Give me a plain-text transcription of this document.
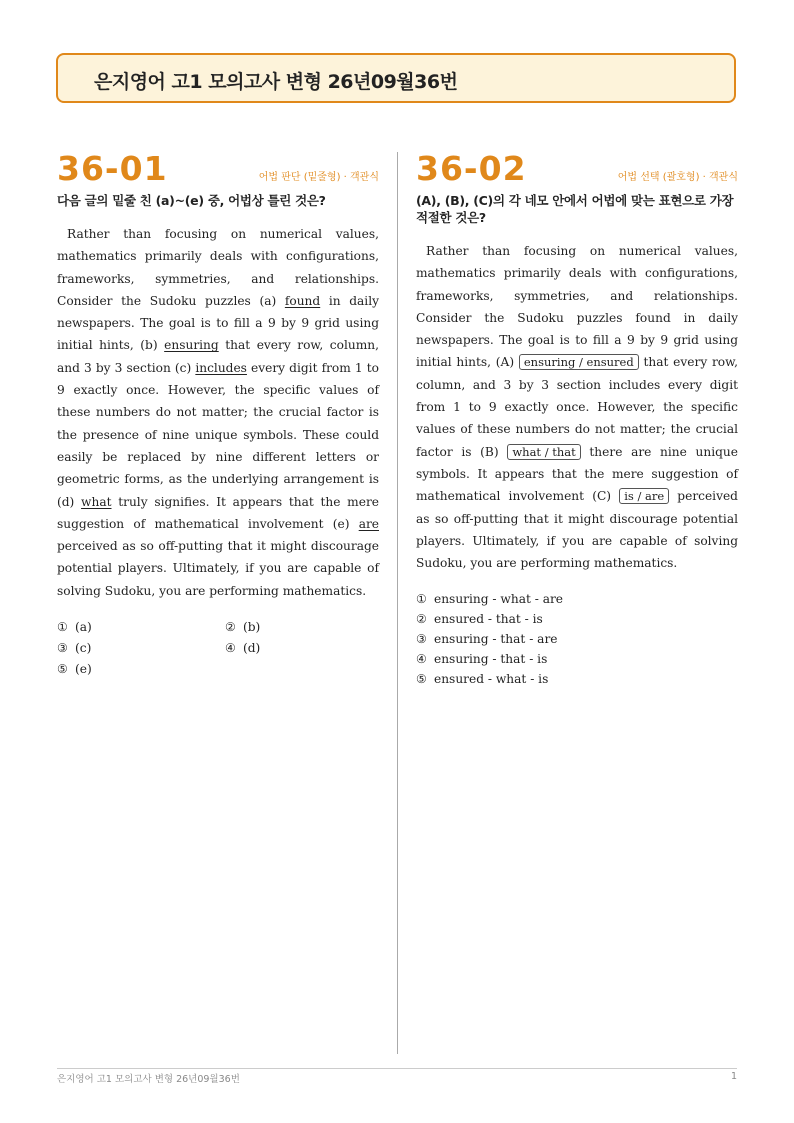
은지영어 고1 모의고사 변형 26년09월36번
36-01	어법 판단 (밑줄형) · 객관식
다음 글의 밑줄 친 (a)~(e) 중, 어법상 틀린 것은?
Rather than focusing on numerical values, mathematics primarily deals with configurations, frameworks, symmetries, and relationships. Consider the Sudoku puzzles (a) found in daily newspapers. The goal is to fill a 9 by 9 grid using initial hints, (b) ensuring that every row, column, and 3 by 3 section (c) includes every digit from 1 to 9 exactly once. However, the specific values of these numbers do not matter; the crucial factor is the presence of nine unique symbols. These could easily be replaced by nine different letters or geometric forms, as the underlying arrangement is (d) what truly signifies. It appears that the mere suggestion of mathematical involvement (e) are perceived as so off-putting that it might discourage potential players. Ultimately, if you are capable of solving Sudoku, you are performing mathematics.
① (a)	② (b)
③ (c)	④ (d)
⑤ (e)
36-02	어법 선택 (괄호형) · 객관식
(A), (B), (C)의 각 네모 안에서 어법에 맞는 표현으로 가장 적절한 것은?
Rather than focusing on numerical values, mathematics primarily deals with configurations, frameworks, symmetries, and relationships. Consider the Sudoku puzzles found in daily newspapers. The goal is to fill a 9 by 9 grid using initial hints, (A) ensuring / ensured that every row, column, and 3 by 3 section includes every digit from 1 to 9 exactly once. However, the specific values of these numbers do not matter; the crucial factor is (B) what / that there are nine unique symbols. It appears that the mere suggestion of mathematical involvement (C) is / are perceived as so off-putting that it might discourage potential players. Ultimately, if you are capable of solving Sudoku, you are performing mathematics.
① ensuring - what - are
② ensured - that - is
③ ensuring - that - are
④ ensuring - that - is
⑤ ensured - what - is
은지영어 고1 모의고사 변형 26년09월36번	1
